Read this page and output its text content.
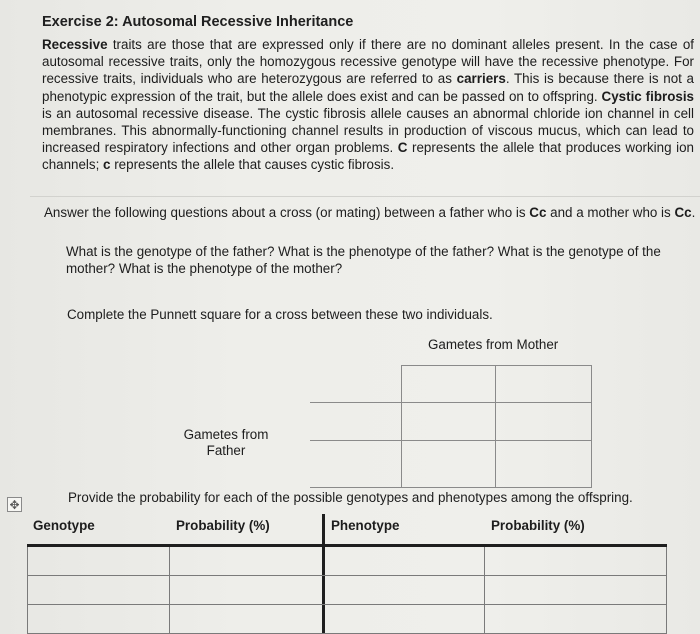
Exercise 2: Autosomal Recessive Inheritance

Recessive traits are those that are expressed only if there are no dominant alleles present. In the case of autosomal recessive traits, only the homozygous recessive genotype will have the recessive phenotype. For recessive traits, individuals who are heterozygous are referred to as carriers. This is because there is not a phenotypic expression of the trait, but the allele does exist and can be passed on to offspring. Cystic fibrosis is an autosomal recessive disease. The cystic fibrosis allele causes an abnormal chloride ion channel in cell membranes. This abnormally-functioning channel results in production of viscous mucus, which can lead to increased respiratory infections and other organ problems. C represents the allele that produces working ion channels; c represents the allele that causes cystic fibrosis.

Answer the following questions about a cross (or mating) between a father who is Cc and a mother who is Cc.

What is the genotype of the father? What is the phenotype of the father? What is the genotype of the mother? What is the phenotype of the mother?

Complete the Punnett square for a cross between these two individuals.
Gametes from Mother
Gametes from
Father
✥	Provide the probability for each of the possible genotypes and phenotypes among the offspring.
Genotype	Probability (%)	Phenotype	Probability (%)
